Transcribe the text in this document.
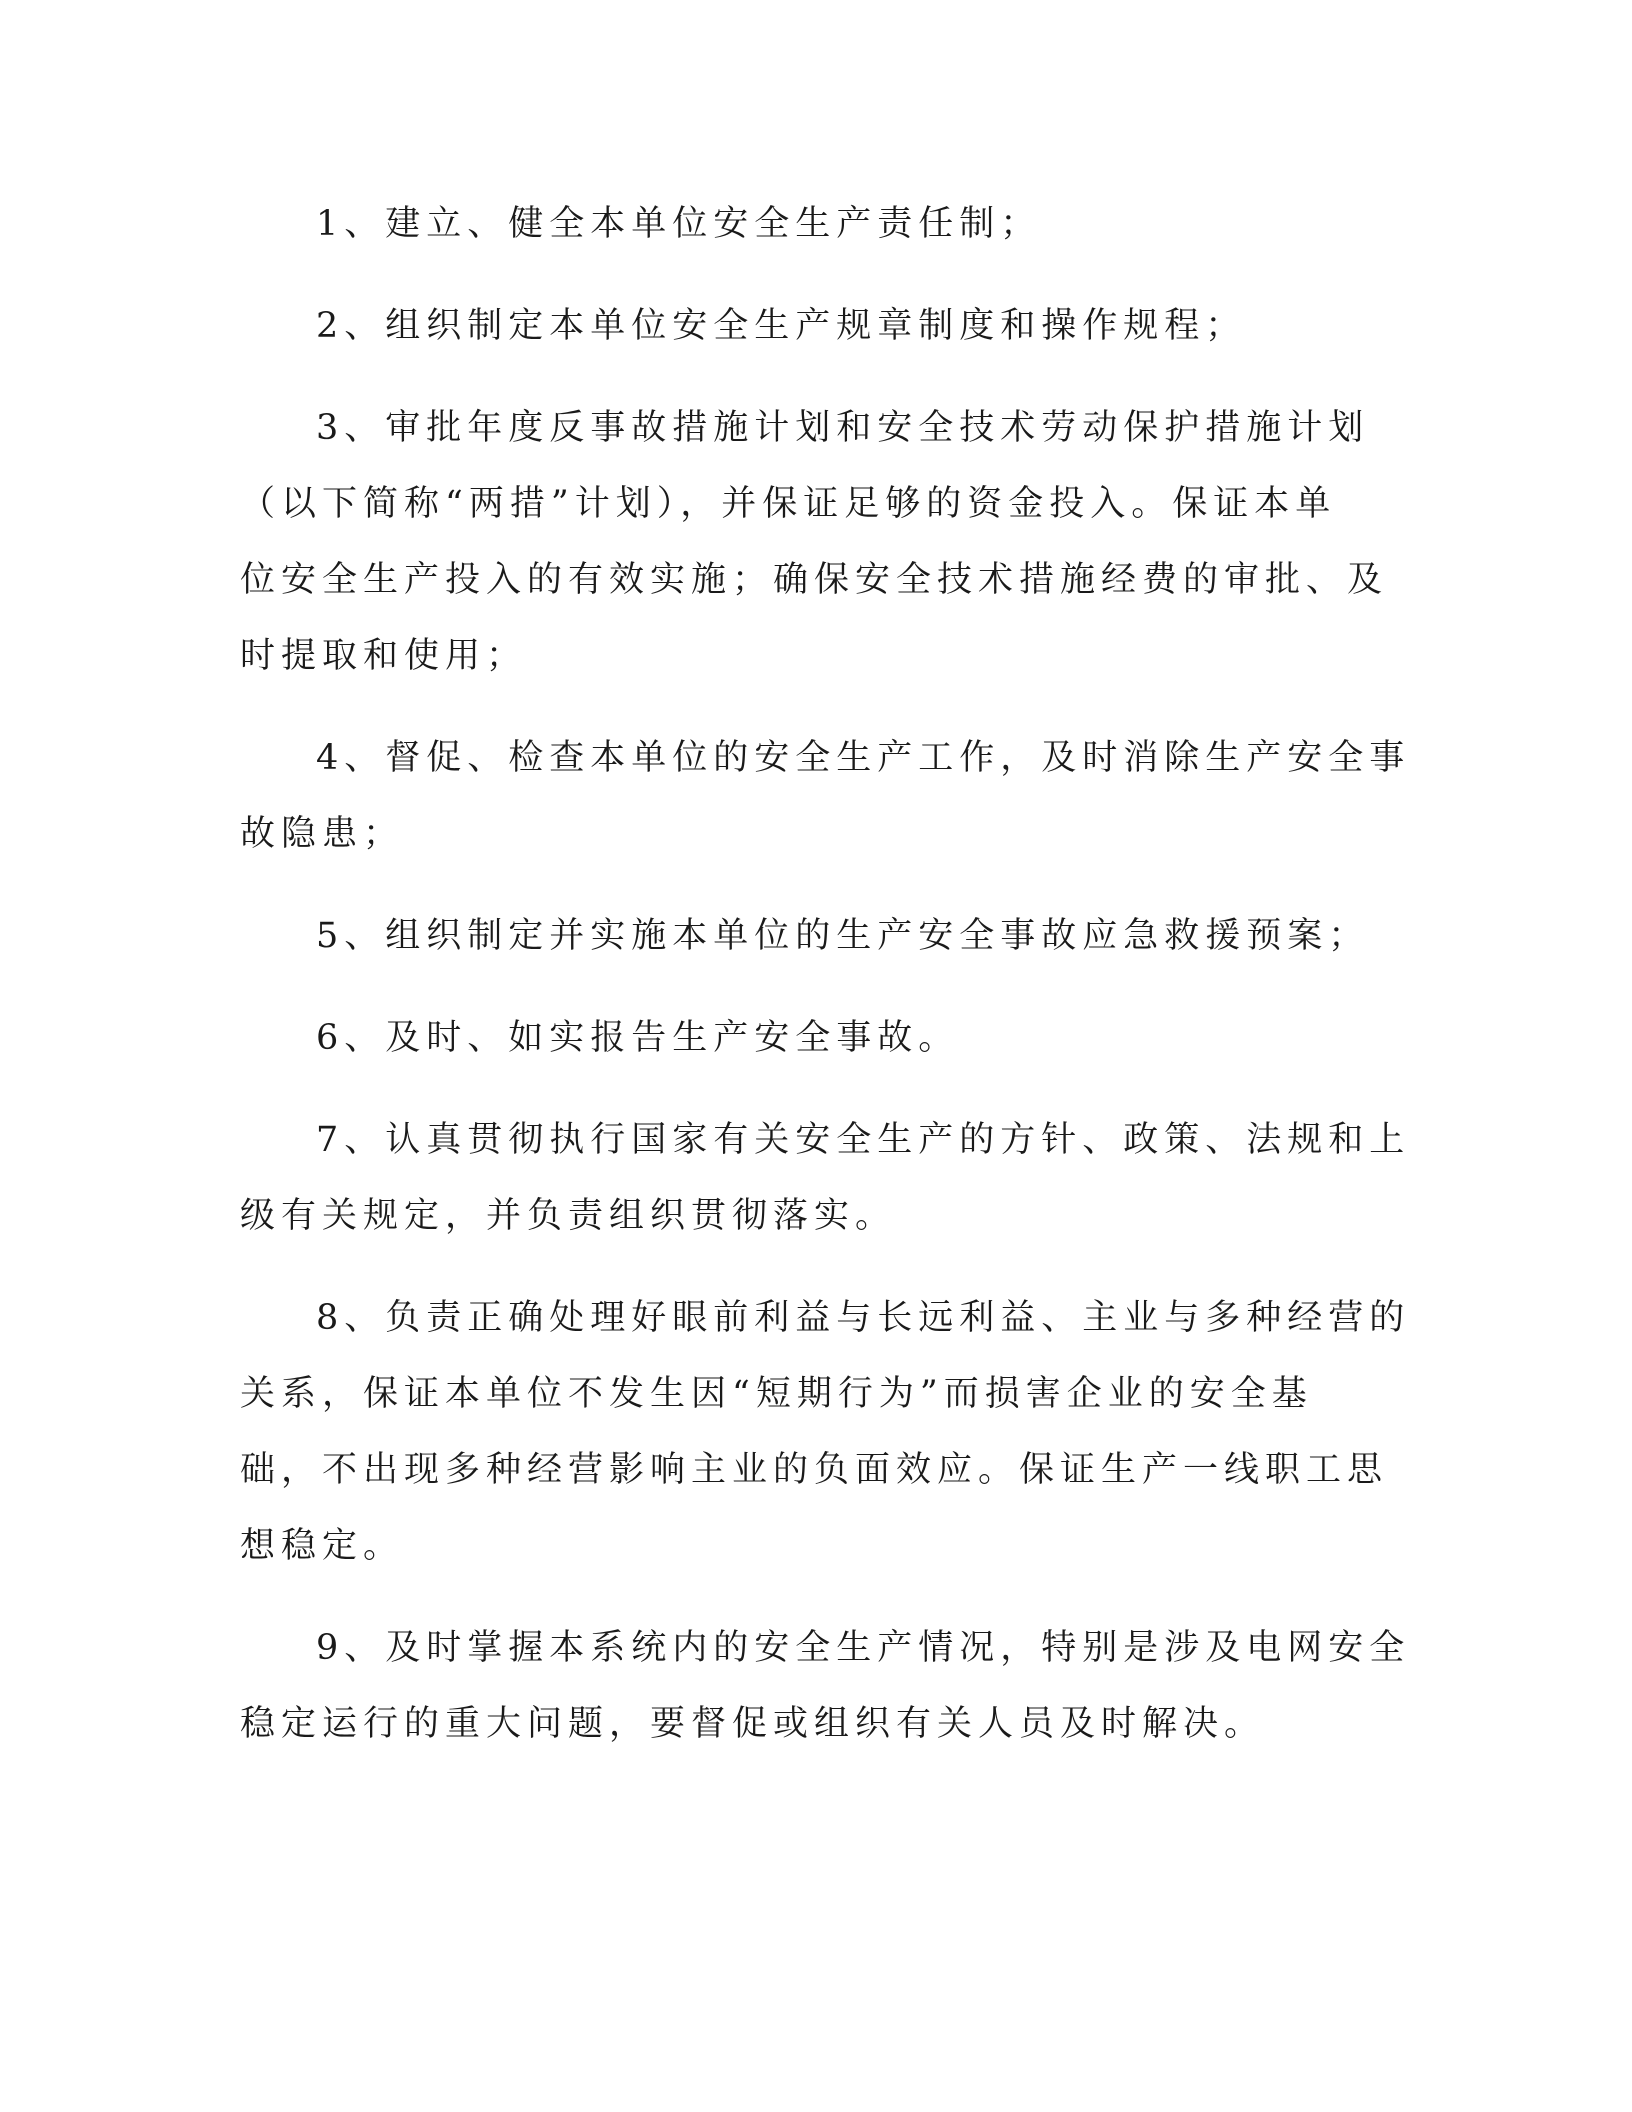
1、建立、健全本单位安全生产责任制；
2、组织制定本单位安全生产规章制度和操作规程；
3、审批年度反事故措施计划和安全技术劳动保护措施计划
（以下简称“两措”计划），并保证足够的资金投入。保证本单
位安全生产投入的有效实施；确保安全技术措施经费的审批、及
时提取和使用；
4、督促、检查本单位的安全生产工作，及时消除生产安全事
故隐患；
5、组织制定并实施本单位的生产安全事故应急救援预案；
6、及时、如实报告生产安全事故。
7、认真贯彻执行国家有关安全生产的方针、政策、法规和上
级有关规定，并负责组织贯彻落实。
8、负责正确处理好眼前利益与长远利益、主业与多种经营的
关系，保证本单位不发生因“短期行为”而损害企业的安全基
础，不出现多种经营影响主业的负面效应。保证生产一线职工思
想稳定。
9、及时掌握本系统内的安全生产情况，特别是涉及电网安全
稳定运行的重大问题，要督促或组织有关人员及时解决。
